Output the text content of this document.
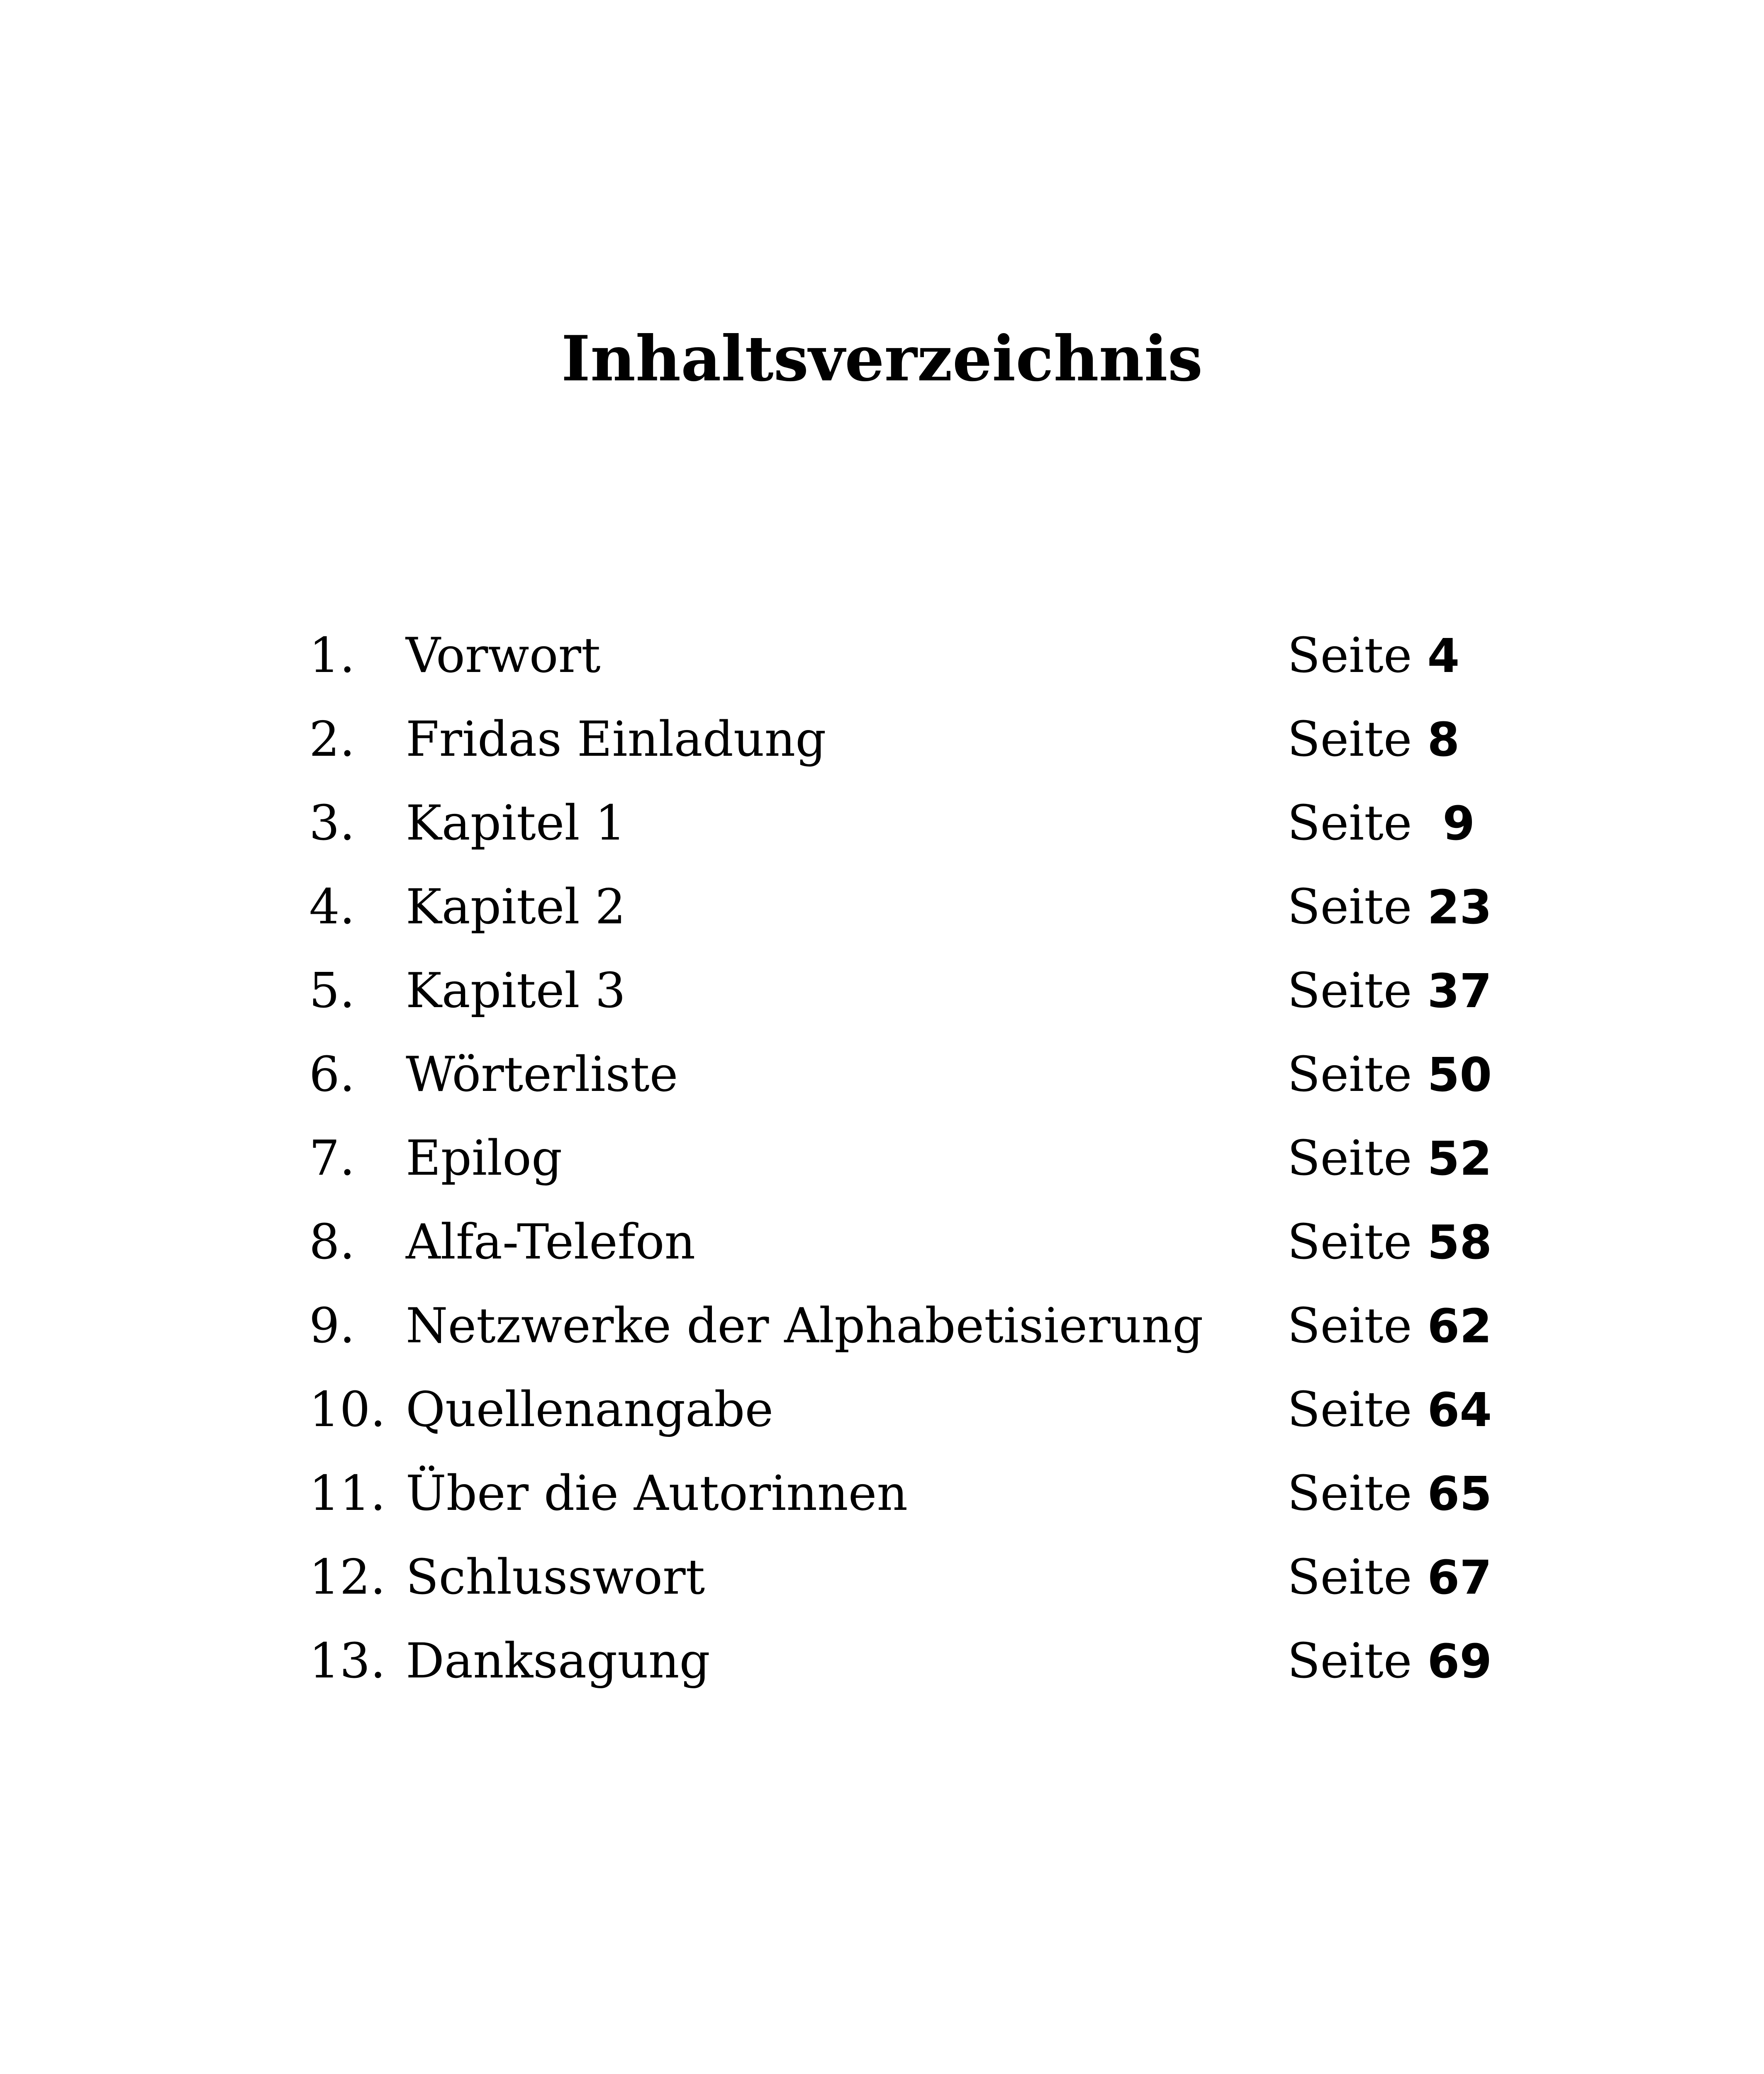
Inhaltsverzeichnis
1. Vorwort	Seite 4
2. Fridas Einladung	Seite 8
3. Kapitel 1	Seite  9
4. Kapitel 2	Seite 23
5. Kapitel 3	Seite 37
6. Wörterliste	Seite 50
7. Epilog	Seite 52
8. Alfa-Telefon	Seite 58
9. Netzwerke der Alphabetisierung Seite 62
10. Quellenangabe	Seite 64
11. Über die Autorinnen	Seite 65
12. Schlusswort	Seite 67
13. Danksagung	Seite 69
